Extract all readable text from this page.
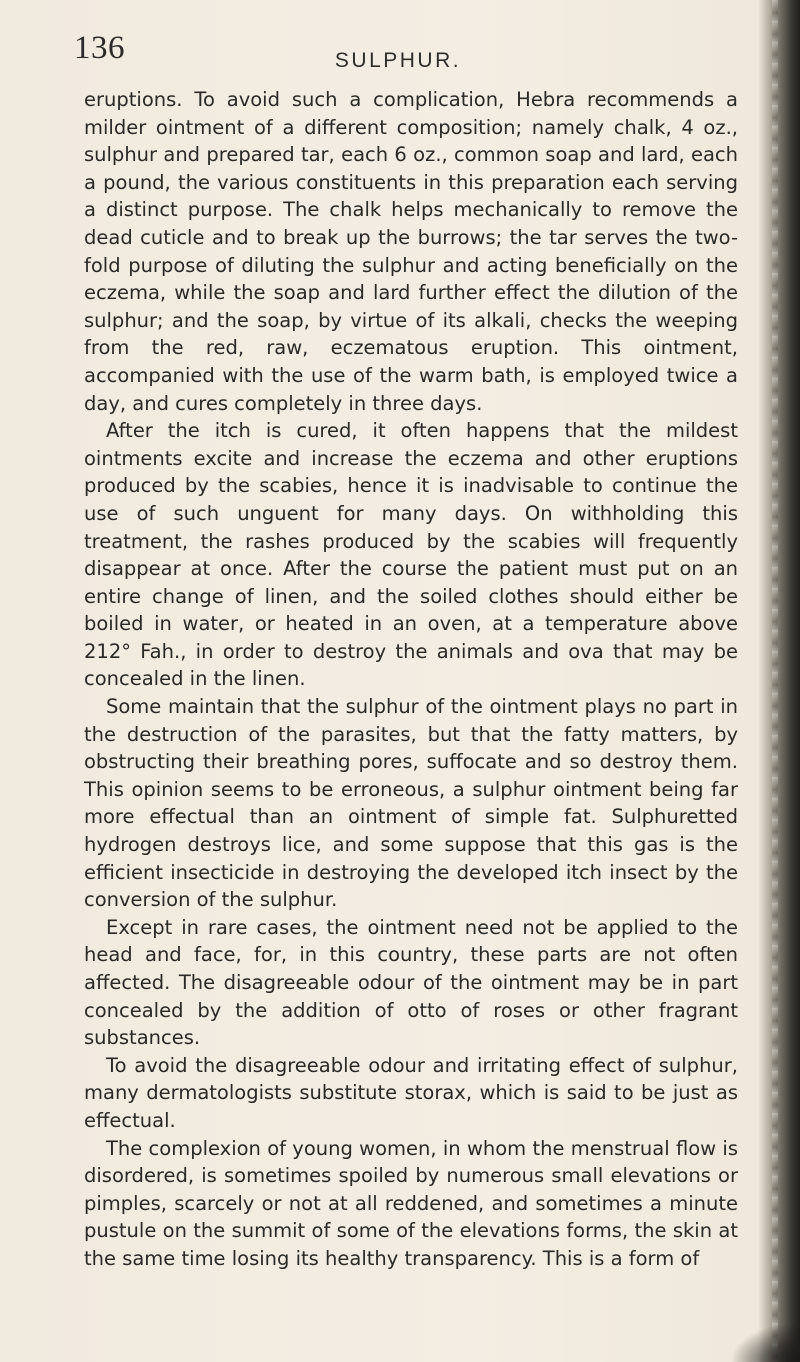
136	SULPHUR.

eruptions. To avoid such a complication, Hebra recommends a milder ointment of a different composition; namely chalk, 4 oz., sulphur and prepared tar, each 6 oz., common soap and lard, each a pound, the various constituents in this preparation each serving a distinct purpose. The chalk helps mechanically to remove the dead cuticle and to break up the burrows; the tar serves the two-fold purpose of diluting the sulphur and acting beneficially on the eczema, while the soap and lard further effect the dilution of the sulphur; and the soap, by virtue of its alkali, checks the weeping from the red, raw, eczematous eruption. This ointment, accompanied with the use of the warm bath, is employed twice a day, and cures completely in three days.

After the itch is cured, it often happens that the mildest ointments excite and increase the eczema and other eruptions produced by the scabies, hence it is inadvisable to continue the use of such unguent for many days. On withholding this treatment, the rashes produced by the scabies will frequently disappear at once. After the course the patient must put on an entire change of linen, and the soiled clothes should either be boiled in water, or heated in an oven, at a temperature above 212° Fah., in order to destroy the animals and ova that may be concealed in the linen.

Some maintain that the sulphur of the ointment plays no part in the destruction of the parasites, but that the fatty matters, by obstructing their breathing pores, suffocate and so destroy them. This opinion seems to be erroneous, a sulphur ointment being far more effectual than an ointment of simple fat. Sulphuretted hydrogen destroys lice, and some suppose that this gas is the efficient insecticide in destroying the developed itch insect by the conversion of the sulphur.

Except in rare cases, the ointment need not be applied to the head and face, for, in this country, these parts are not often affected. The disagreeable odour of the ointment may be in part concealed by the addition of otto of roses or other fragrant substances.

To avoid the disagreeable odour and irritating effect of sulphur, many dermatologists substitute storax, which is said to be just as effectual.

The complexion of young women, in whom the menstrual flow is disordered, is sometimes spoiled by numerous small elevations or pimples, scarcely or not at all reddened, and sometimes a minute pustule on the summit of some of the elevations forms, the skin at the same time losing its healthy transparency. This is a form of
